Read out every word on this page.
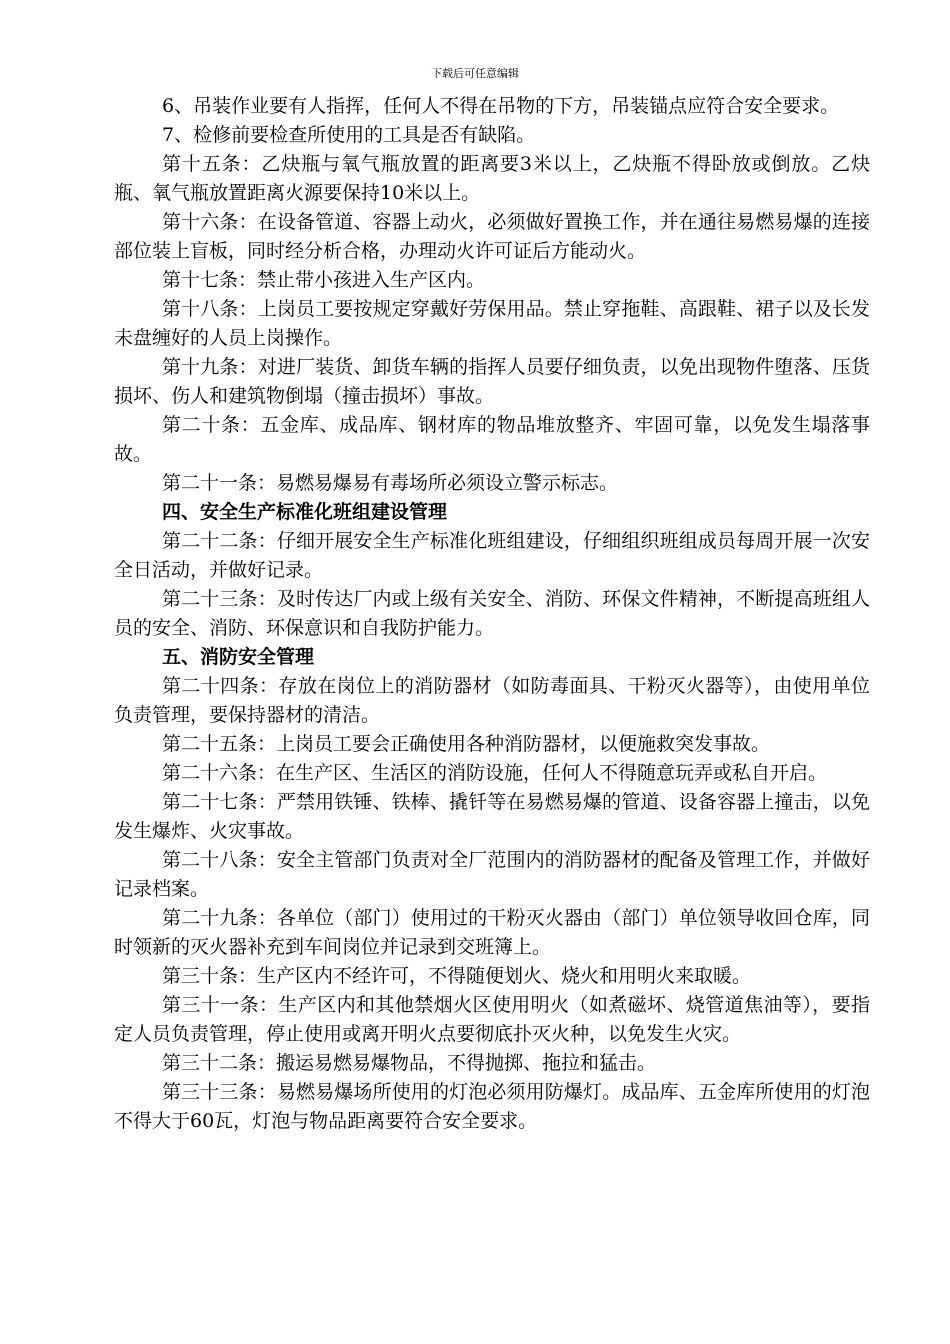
下载后可任意编辑

6、吊装作业要有人指挥，任何人不得在吊物的下方，吊装锚点应符合安全要求。

7、检修前要检查所使用的工具是否有缺陷。

第十五条：乙炔瓶与氧气瓶放置的距离要3米以上，乙炔瓶不得卧放或倒放。乙炔瓶、氧气瓶放置距离火源要保持10米以上。

第十六条：在设备管道、容器上动火，必须做好置换工作，并在通往易燃易爆的连接部位装上盲板，同时经分析合格，办理动火许可证后方能动火。

第十七条：禁止带小孩进入生产区内。

第十八条：上岗员工要按规定穿戴好劳保用品。禁止穿拖鞋、高跟鞋、裙子以及长发未盘缠好的人员上岗操作。

第十九条：对进厂装货、卸货车辆的指挥人员要仔细负责，以免出现物件堕落、压货损坏、伤人和建筑物倒塌（撞击损坏）事故。

第二十条：五金库、成品库、钢材库的物品堆放整齐、牢固可靠，以免发生塌落事故。

第二十一条：易燃易爆易有毒场所必须设立警示标志。

四、安全生产标准化班组建设管理

第二十二条：仔细开展安全生产标准化班组建设，仔细组织班组成员每周开展一次安全日活动，并做好记录。

第二十三条：及时传达厂内或上级有关安全、消防、环保文件精神，不断提高班组人员的安全、消防、环保意识和自我防护能力。

五、消防安全管理

第二十四条：存放在岗位上的消防器材（如防毒面具、干粉灭火器等），由使用单位负责管理，要保持器材的清洁。

第二十五条：上岗员工要会正确使用各种消防器材，以便施救突发事故。

第二十六条：在生产区、生活区的消防设施，任何人不得随意玩弄或私自开启。

第二十七条：严禁用铁锤、铁棒、撬钎等在易燃易爆的管道、设备容器上撞击，以免发生爆炸、火灾事故。

第二十八条：安全主管部门负责对全厂范围内的消防器材的配备及管理工作，并做好记录档案。

第二十九条：各单位（部门）使用过的干粉灭火器由（部门）单位领导收回仓库，同时领新的灭火器补充到车间岗位并记录到交班簿上。

第三十条：生产区内不经许可，不得随便划火、烧火和用明火来取暖。

第三十一条：生产区内和其他禁烟火区使用明火（如煮磁坏、烧管道焦油等），要指定人员负责管理，停止使用或离开明火点要彻底扑灭火种，以免发生火灾。

第三十二条：搬运易燃易爆物品，不得抛掷、拖拉和猛击。

第三十三条：易燃易爆场所使用的灯泡必须用防爆灯。成品库、五金库所使用的灯泡不得大于60瓦，灯泡与物品距离要符合安全要求。
